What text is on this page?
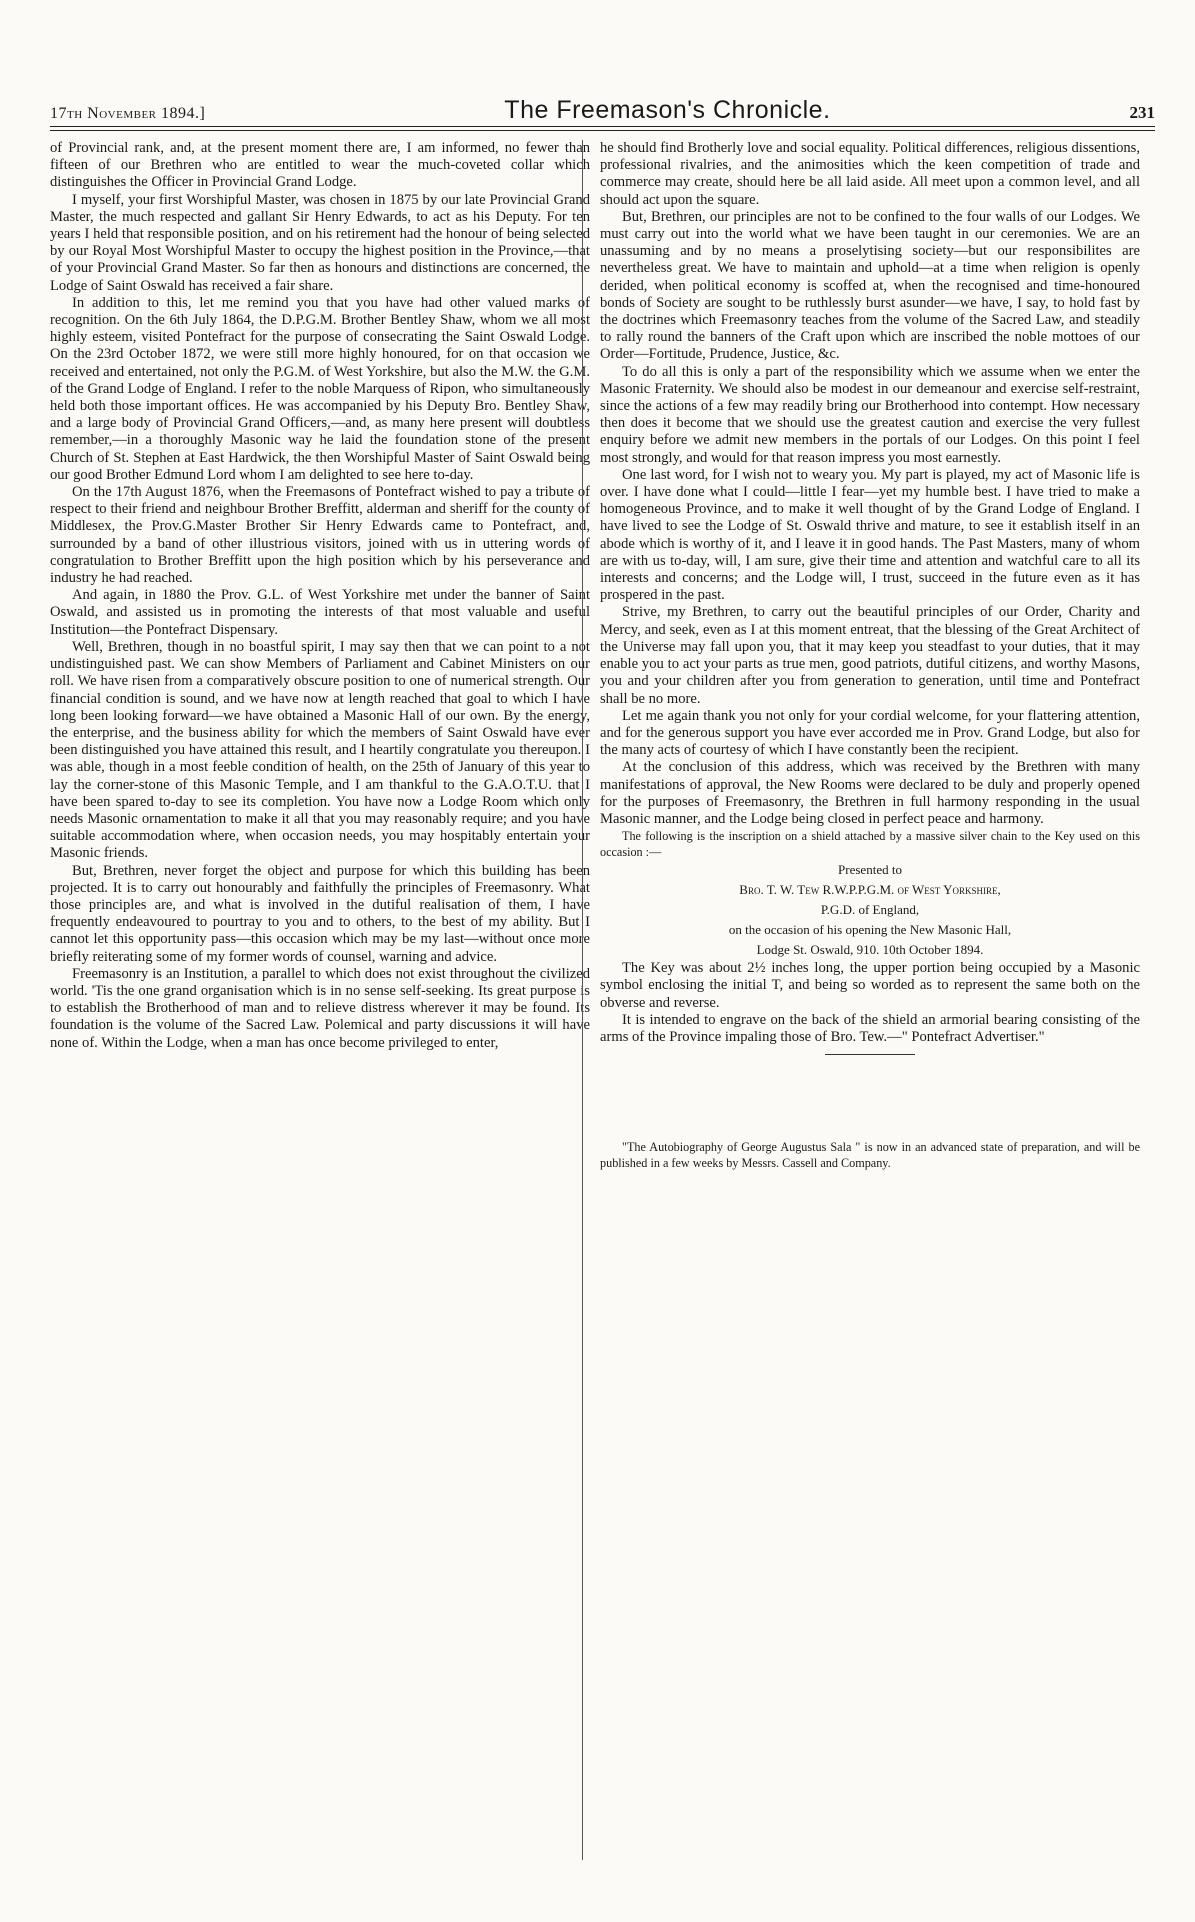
17th November 1894.]	The Freemason's Chronicle.	231

of Provincial rank, and, at the present moment there are, I am informed, no fewer than fifteen of our Brethren who are entitled to wear the much-coveted collar which distinguishes the Officer in Provincial Grand Lodge.

I myself, your first Worshipful Master, was chosen in 1875 by our late Provincial Grand Master, the much respected and gallant Sir Henry Edwards, to act as his Deputy. For ten years I held that responsible position, and on his retirement had the honour of being selected by our Royal Most Worshipful Master to occupy the highest position in the Province,—that of your Provincial Grand Master. So far then as honours and distinctions are concerned, the Lodge of Saint Oswald has received a fair share.

In addition to this, let me remind you that you have had other valued marks of recognition. On the 6th July 1864, the D.P.G.M. Brother Bentley Shaw, whom we all most highly esteem, visited Pontefract for the purpose of consecrating the Saint Oswald Lodge. On the 23rd October 1872, we were still more highly honoured, for on that occasion we received and entertained, not only the P.G.M. of West Yorkshire, but also the M.W. the G.M. of the Grand Lodge of England. I refer to the noble Marquess of Ripon, who simultaneously held both those important offices. He was accompanied by his Deputy Bro. Bentley Shaw, and a large body of Provincial Grand Officers,—and, as many here present will doubtless remember,—in a thoroughly Masonic way he laid the foundation stone of the present Church of St. Stephen at East Hardwick, the then Worshipful Master of Saint Oswald being our good Brother Edmund Lord whom I am delighted to see here to-day.

On the 17th August 1876, when the Freemasons of Pontefract wished to pay a tribute of respect to their friend and neighbour Brother Breffitt, alderman and sheriff for the county of Middlesex, the Prov.G.Master Brother Sir Henry Edwards came to Pontefract, and, surrounded by a band of other illustrious visitors, joined with us in uttering words of congratulation to Brother Breffitt upon the high position which by his perseverance and industry he had reached.

And again, in 1880 the Prov. G.L. of West Yorkshire met under the banner of Saint Oswald, and assisted us in promoting the interests of that most valuable and useful Institution—the Pontefract Dispensary.

Well, Brethren, though in no boastful spirit, I may say then that we can point to a not undistinguished past. We can show Members of Parliament and Cabinet Ministers on our roll. We have risen from a comparatively obscure position to one of numerical strength. Our financial condition is sound, and we have now at length reached that goal to which I have long been looking forward—we have obtained a Masonic Hall of our own. By the energy, the enterprise, and the business ability for which the members of Saint Oswald have ever been distinguished you have attained this result, and I heartily congratulate you thereupon. I was able, though in a most feeble condition of health, on the 25th of January of this year to lay the corner-stone of this Masonic Temple, and I am thankful to the G.A.O.T.U. that I have been spared to-day to see its completion. You have now a Lodge Room which only needs Masonic ornamentation to make it all that you may reasonably require; and you have suitable accommodation where, when occasion needs, you may hospitably entertain your Masonic friends.

But, Brethren, never forget the object and purpose for which this building has been projected. It is to carry out honourably and faithfully the principles of Freemasonry. What those principles are, and what is involved in the dutiful realisation of them, I have frequently endeavoured to pourtray to you and to others, to the best of my ability. But I cannot let this opportunity pass—this occasion which may be my last—without once more briefly reiterating some of my former words of counsel, warning and advice.

Freemasonry is an Institution, a parallel to which does not exist throughout the civilized world. 'Tis the one grand organisation which is in no sense self-seeking. Its great purpose is to establish the Brotherhood of man and to relieve distress wherever it may be found. Its foundation is the volume of the Sacred Law. Polemical and party discussions it will have none of. Within the Lodge, when a man has once become privileged to enter,

he should find Brotherly love and social equality. Political differences, religious dissentions, professional rivalries, and the animosities which the keen competition of trade and commerce may create, should here be all laid aside. All meet upon a common level, and all should act upon the square.

But, Brethren, our principles are not to be confined to the four walls of our Lodges. We must carry out into the world what we have been taught in our ceremonies. We are an unassuming and by no means a proselytising society—but our responsibilites are nevertheless great. We have to maintain and uphold—at a time when religion is openly derided, when political economy is scoffed at, when the recognised and time-honoured bonds of Society are sought to be ruthlessly burst asunder—we have, I say, to hold fast by the doctrines which Freemasonry teaches from the volume of the Sacred Law, and steadily to rally round the banners of the Craft upon which are inscribed the noble mottoes of our Order—Fortitude, Prudence, Justice, &c.

To do all this is only a part of the responsibility which we assume when we enter the Masonic Fraternity. We should also be modest in our demeanour and exercise self-restraint, since the actions of a few may readily bring our Brotherhood into contempt. How necessary then does it become that we should use the greatest caution and exercise the very fullest enquiry before we admit new members in the portals of our Lodges. On this point I feel most strongly, and would for that reason impress you most earnestly.

One last word, for I wish not to weary you. My part is played, my act of Masonic life is over. I have done what I could—little I fear—yet my humble best. I have tried to make a homogeneous Province, and to make it well thought of by the Grand Lodge of England. I have lived to see the Lodge of St. Oswald thrive and mature, to see it establish itself in an abode which is worthy of it, and I leave it in good hands. The Past Masters, many of whom are with us to-day, will, I am sure, give their time and attention and watchful care to all its interests and concerns; and the Lodge will, I trust, succeed in the future even as it has prospered in the past.

Strive, my Brethren, to carry out the beautiful principles of our Order, Charity and Mercy, and seek, even as I at this moment entreat, that the blessing of the Great Architect of the Universe may fall upon you, that it may keep you steadfast to your duties, that it may enable you to act your parts as true men, good patriots, dutiful citizens, and worthy Masons, you and your children after you from generation to generation, until time and Pontefract shall be no more.

Let me again thank you not only for your cordial welcome, for your flattering attention, and for the generous support you have ever accorded me in Prov. Grand Lodge, but also for the many acts of courtesy of which I have constantly been the recipient.

At the conclusion of this address, which was received by the Brethren with many manifestations of approval, the New Rooms were declared to be duly and properly opened for the purposes of Freemasonry, the Brethren in full harmony responding in the usual Masonic manner, and the Lodge being closed in perfect peace and harmony.

The following is the inscription on a shield attached by a massive silver chain to the Key used on this occasion :—

Presented to

Bro. T. W. Tew R.W.P.P.G.M. of West Yorkshire,

P.G.D. of England,

on the occasion of his opening the New Masonic Hall,

Lodge St. Oswald, 910. 10th October 1894.

The Key was about 2½ inches long, the upper portion being occupied by a Masonic symbol enclosing the initial T, and being so worded as to represent the same both on the obverse and reverse.

It is intended to engrave on the back of the shield an armorial bearing consisting of the arms of the Province impaling those of Bro. Tew.—" Pontefract Advertiser."

"The Autobiography of George Augustus Sala " is now in an advanced state of preparation, and will be published in a few weeks by Messrs. Cassell and Company.
